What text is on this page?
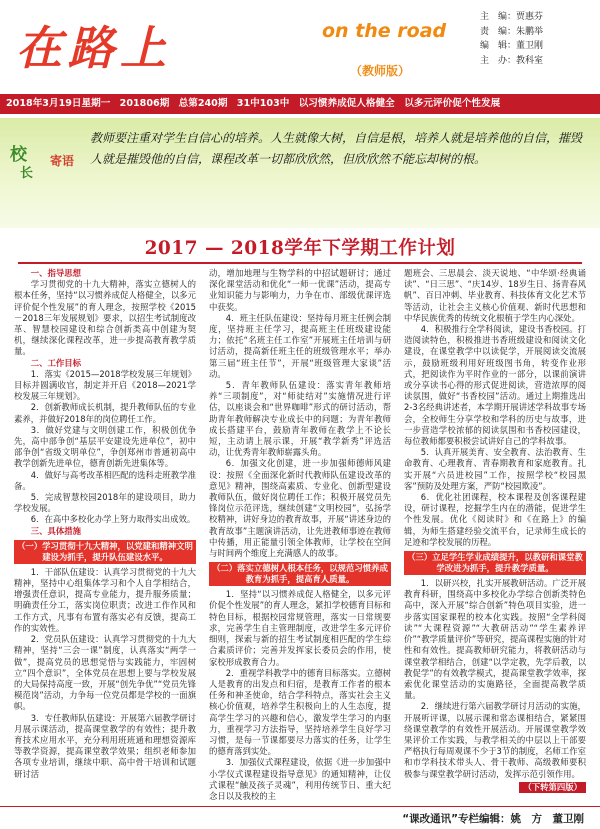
在路上	on the road
（教师版）
主　编：贾惠芬
责　编：朱鹏举
编　辑：董卫刚
主　办：教科室
2018年3月19日星期一 201806期 总第240期 31中103中 以习惯养成促人格健全　以多元评价促个性发展
校
长
寄语
教师要注重对学生自信心的培养。人生就像大树，自信是根，培养人就是培养他的自信，摧毁人就是摧毁他的自信，课程改革一切都欣欣然，但欣欣然不能忘却树的根。
2017 — 2018学年下学期工作计划

一、指导思想

学习贯彻党的十九大精神，落实立德树人的根本任务，坚持“以习惯养成促人格健全，以多元评价促个性发展”的育人理念，按照学校《2015－2018三年发展规划》要求，以招生考试制度改革、智慧校园建设和综合创新类高中创建为契机，继续深化课程改革，进一步提高教育教学质量。

二、工作目标

1．落实《2015—2018学校发展三年规划》目标并圆满收官，制定并开启《2018—2021学校发展三年规划》。

2．创新教师成长机制，提升教师队伍的专业素养，并做好2018年的岗位聘任工作。

3．做好党建与文明创建工作，积极创优争先，高中部争创“基层平安建设先进单位”，初中部争创“省级文明单位”，争创郑州市普通初高中教学创新先进单位，德育创新先进集体等。

4．做好与高考改革相匹配的选科走班教学准备。

5．完成智慧校园2018年的建设项目，助力学校发展。

6．在高中多校化办学上努力取得实出成效。

三、具体措施

（一）学习贯彻十九大精神，以党建和精神文明建设为抓手，提升队伍建设水平。

1．干部队伍建设：认真学习贯彻党的十九大精神，坚持中心组集体学习和个人自学相结合，增强责任意识，提高专业能力，提升服务质量；明确责任分工，落实岗位职责；改进工作作风和工作方式，凡事有布置有落实必有反馈，提高工作的实效性。

2．党员队伍建设：认真学习贯彻党的十九大精神，坚持“三会一课”制度，认真落实“两学一做”，提高党员的思想觉悟与实践能力，牢固树立“四个意识”，全体党员在思想上要与学校发展的大局保持高度一致，开展“创先争优”“党员先锋模范岗”活动，力争每一位党员都是学校的一面旗帜。

3．专任教师队伍建设：开展第六届教学研讨月展示课活动，提高课堂教学的有效性；提升教育技术应用水平，充分利用班班通和理想资源库等教学资源，提高课堂教学效果；组织老师参加各项专业培训，继续中职、高中骨干培训和试题研讨活

动，增加地理与生物学科的中招试题研讨；通过深化课堂活动和优化“一师一优课”活动，提高专业知识能力与影响力，力争在市、部级优课评选中获奖。

4．班主任队伍建设：坚持每月班主任例会制度，坚持班主任学习，提高班主任班级建设能力；依托“名班主任工作室”开展班主任培训与研讨活动，提高新任班主任的班级管理水平；举办第三届“班主任节”，开展“班级管理大家谈”活动。

5．青年教师队伍建设：落实青年教师培养“三项制度”，对“师徒结对”实施情况进行评估，以座谈会和“世界咖啡”形式的研讨活动，帮助青年教师解决专业成长中的问题；为青年教师成长搭建平台，鼓励青年教师在教学上不论长短，主动请上展示课，开展“教学新秀”评选活动，让优秀青年教师崭露头角。

6．加强文化创建，进一步加强师德师风建设：按照《全面深化新时代教师队伍建设改革的意见》精神，围绕高素质、专业化、创新型建设教师队伍，做好岗位聘任工作；积极开展党员先锋岗位示范评选，继续创建“文明校园”，弘扬学校精神，讲好身边的教育故事，开展“讲述身边的教育故事”主题演讲活动，让先进教师事迹在教师中传播，用正能量引领全体教师，让学校在空间与时间两个维度上充满感人的故事。

（二）落实立德树人根本任务，以规范习惯养成教育为抓手，提高育人质量。

1．坚持“以习惯养成促人格健全，以多元评价促个性发展”的育人理念，紧扣学校德育目标和特色目标，根据校园常规管理，落实一日常规要求，完善学生自主管理制度，改进学生多元评价细则，探索与新的招生考试制度相匹配的学生综合素质评价；完善并发挥家长委员会的作用，使家校形成教育合力。

2．重视学科教学中的德育目标落实。立德树人是教育的出发点和归宿，是教育工作者的根本任务和神圣使命，结合学科特点，落实社会主义核心价值观，培养学生积极向上的人生态度，提高学生学习的兴趣和信心，激发学生学习的内驱力，重视学习方法指导，坚持培养学生良好学习习惯，是每一节课都要尽力落实的任务，让学生的德育落到实处。

3．加强仪式课程建设，依据《进一步加强中小学仪式课程建设指导意见》的通知精神，让仪式课程“触及孩子灵魂”，利用传统节日、重大纪念日以及我校的主

题班会、三思晨会、淡天说地、“中华颂·经典诵读”、“日三思”、“庆14岁、18岁生日、扬青春风帆”、百日冲刺、毕业教育、科技体育文化艺术节等活动，让社会主义核心价值观、新时代思想和中华民族优秀的传统文化根植于学生内心深处。

4．积极推行全学科阅读，建设书香校园。打造阅读特色，积极推进书香班级建设和阅读文化建设，在课堂教学中以读促学，开展阅读交流展示，鼓励班级利用好班级图书角，转变作业形式，把阅读作为平时作业的一部分，以课前演讲或分享读书心得的形式促进阅读，营造浓厚的阅读氛围，做好“书香校园”活动。通过上期推选出2-3名经典讲述者，本学期开展讲述学科故事专场会，全校师生分享学校和学科的历史与故事，进一步营造学校浓郁的阅读氛围和书香校园建设，每位教师都要积极尝试讲好自己的学科故事。

5．认真开展美育、安全教育、法治教育、生命教育、心理教育、青春期教育和家庭教育。扎实开展“六员进校园”工作，按照学校“校园黑客”预防及处理方案，严防“校园欺凌”。

6．优化社团课程，校本课程及创客课程建设，研讨课程，挖掘学生内在的潜能，促进学生个性发展。优化《阅读时》和《在路上》的编辑，为师生搭建经验交流平台，记录师生成长的足迹和学校发展的历程。

（三）立足学生学业成绩提升，以教研和课堂教学改进为抓手，提升教学质量。

1．以研兴校，扎实开展教研活动。广泛开展教育科研，围绕高中多校化办学综合创新类特色高中，深入开展“综合创新”特色项目实验，进一步落实国家课程的校本化实践。按照“全学科阅读”“大课程资源”“大教研活动”“学生素养评价”“教学质量评价”等研究，提高课程实施的针对性和有效性。提高教师研究能力，将教研活动与课堂教学相结合，创建“以学定教，先学后教，以教促学”的有效教学模式，提高课堂教学效率，探索优化课堂活动的实施路径，全面提高教学质量。

2．继续进行第六届教学研讨月活动的实施，开展听评课，以展示课和常态课相结合，紧紧围绕课堂教学的有效性开展活动。开展课堂教学效果评价工作实践，与教学相关的中层以上干部要严格执行每周观课不少于3节的制度，名师工作室和市学科技术带头人、骨干教师、高级教师要积极参与课堂教学研讨活动，发挥示范引领作用。

（下转第四版）
“课改通讯”专栏编辑：姚　方　董卫刚
